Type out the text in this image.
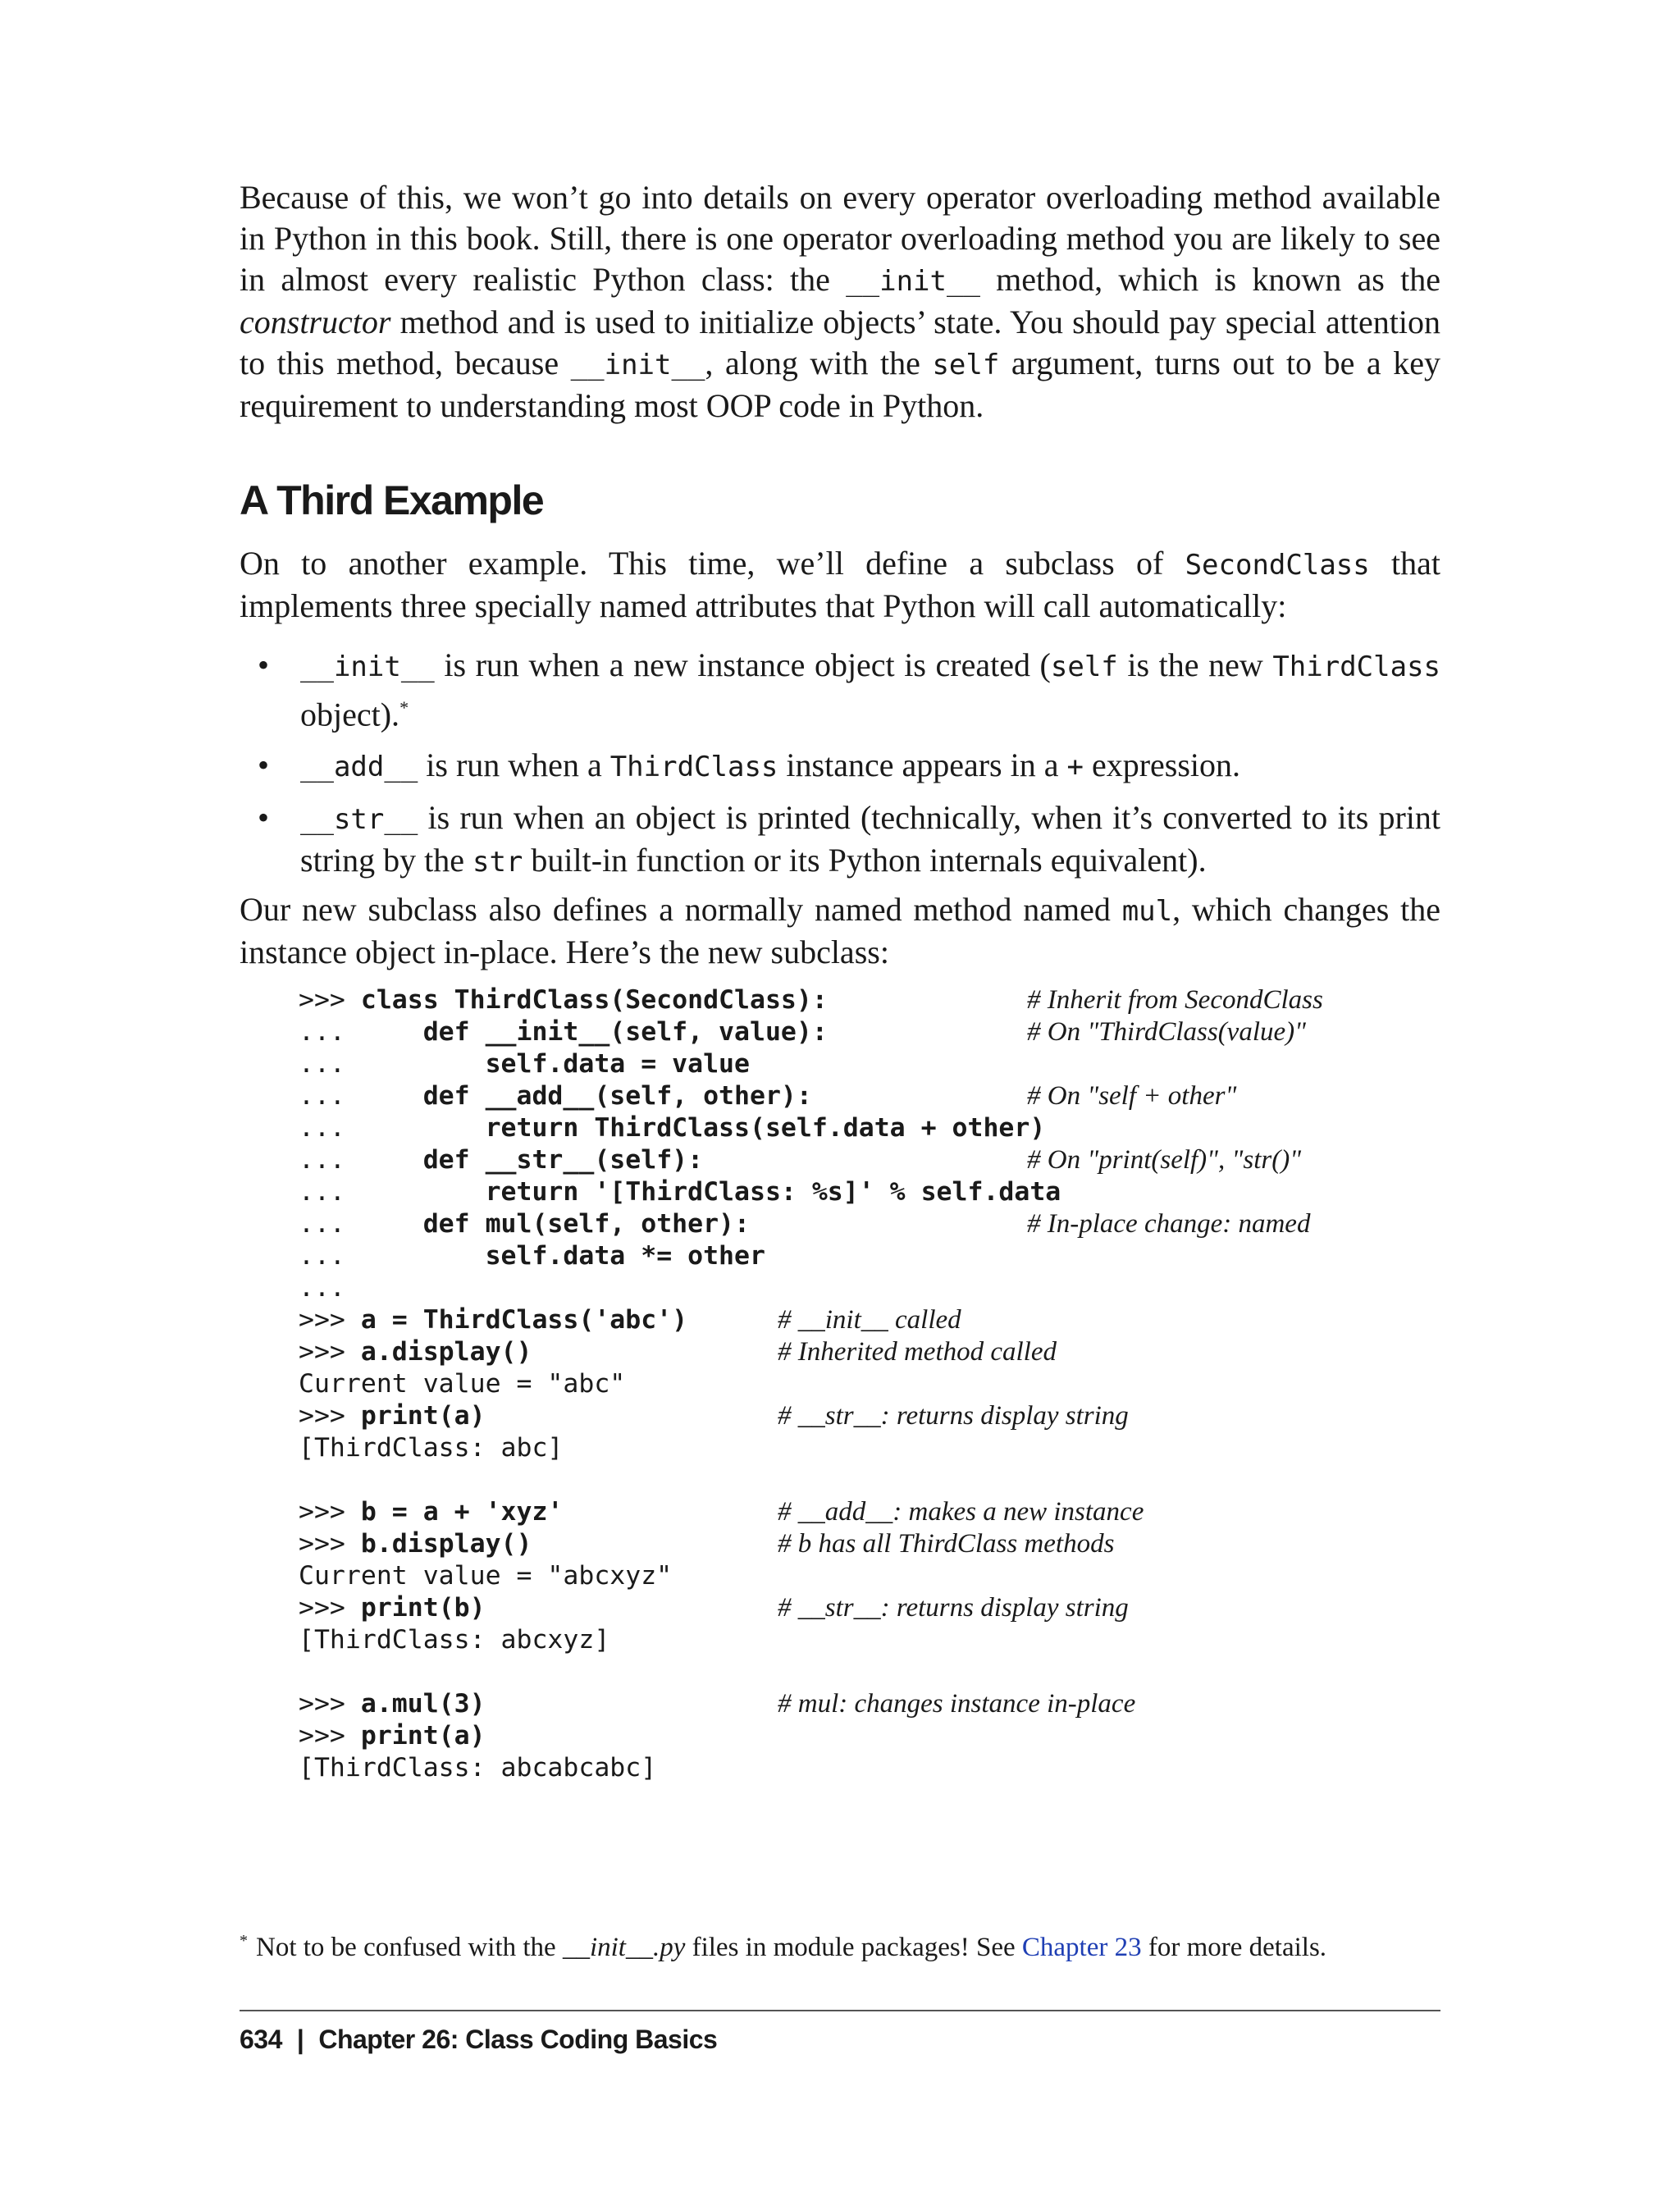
Because of this, we won’t go into details on every operator overloading method available in Python in this book. Still, there is one operator overloading method you are likely to see in almost every realistic Python class: the __init__ method, which is known as the constructor method and is used to initialize objects’ state. You should pay special attention to this method, because __init__, along with the self argument, turns out to be a key requirement to understanding most OOP code in Python.

A Third Example

On to another example. This time, we’ll define a subclass of SecondClass that implements three specially named attributes that Python will call automatically:

• __init__ is run when a new instance object is created (self is the new ThirdClass object).*
• __add__ is run when a ThirdClass instance appears in a + expression.
• __str__ is run when an object is printed (technically, when it’s converted to its print string by the str built-in function or its Python internals equivalent).

Our new subclass also defines a normally named method named mul, which changes the instance object in-place. Here’s the new subclass:

>>> class ThirdClass(SecondClass):	# Inherit from SecondClass
...     def __init__(self, value):	# On "ThirdClass(value)"
...         self.data = value
...     def __add__(self, other):	# On "self + other"
...         return ThirdClass(self.data + other)
...     def __str__(self):	# On "print(self)", "str()"
...         return '[ThirdClass: %s]' % self.data
...     def mul(self, other):	# In-place change: named
...         self.data *= other
...
>>> a = ThirdClass('abc')	# __init__ called
>>> a.display()	# Inherited method called
Current value = "abc"
>>> print(a)	# __str__: returns display string
[ThirdClass: abc]
>>> b = a + 'xyz'	# __add__: makes a new instance
>>> b.display()	# b has all ThirdClass methods
Current value = "abcxyz"
>>> print(b)	# __str__: returns display string
[ThirdClass: abcxyz]
>>> a.mul(3)	# mul: changes instance in-place
>>> print(a)
[ThirdClass: abcabcabc]

* Not to be confused with the __init__.py files in module packages! See Chapter 23 for more details.

634 | Chapter 26: Class Coding Basics
